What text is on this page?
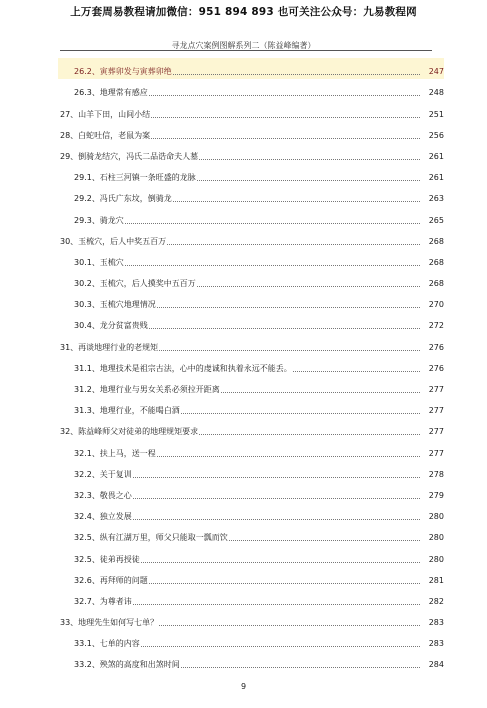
上万套周易教程请加微信：951 894 893 也可关注公众号：九易教程网
寻龙点穴案例图解系列二（陈益峰编著）
26.2、寅葬卯发与寅葬卯绝	247
26.3、地理常有感应	248
27、山羊下田，山间小结	251
28、白蛇吐信，老鼠为案	256
29、倒骑龙结穴，冯氏二品诰命夫人墓	261
29.1、石柱三河镇一条旺盛的龙脉	261
29.2、冯氏广东坟，倒骑龙	263
29.3、骑龙穴	265
30、玉梳穴，后人中奖五百万	268
30.1、玉梳穴	268
30.2、玉梳穴，后人摸奖中五百万	268
30.3、玉梳穴地理情况	270
30.4、龙分贫富贵贱	272
31、再谈地理行业的老规矩	276
31.1、地理技术是祖宗古法，心中的虔诚和执着永远不能丢。	276
31.2、地理行业与男女关系必须拉开距离	277
31.3、地理行业，不能喝白酒	277
32、陈益峰师父对徒弟的地理规矩要求	277
32.1、扶上马，送一程	277
32.2、关于复训	278
32.3、敬畏之心	279
32.4、独立发展	280
32.5、纵有江湖万里，师父只能取一瓢而饮	280
32.5、徒弟再授徒	280
32.6、再拜师的问题	281
32.7、为尊者讳	282
33、地理先生如何写七单？	283
33.1、七单的内容	283
33.2、殃煞的高度和出煞时间	284
9
